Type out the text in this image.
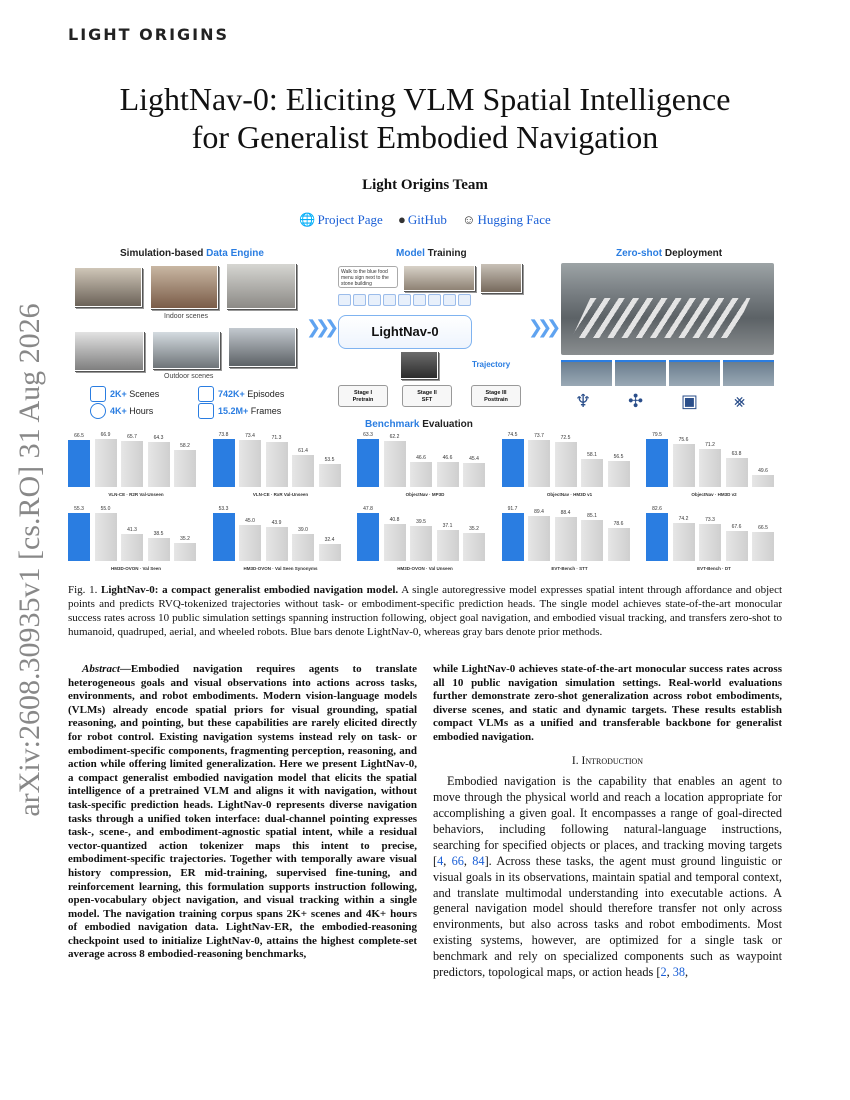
LIGHT ORIGINS
arXiv:2608.30935v1 [cs.RO] 31 Aug 2026
LightNav-0: Eliciting VLM Spatial Intelligence
for Generalist Embodied Navigation
Light Origins Team
🌐 Project Page ● GitHub ☺ Hugging Face
Simulation-based Data Engine
Indoor scenes
Outdoor scenes
2K+ Scenes	742K+ Episodes
4K+ Hours	15.2M+ Frames
❯❯❯
Model Training
Walk to the blue food menu sign next to the stone building
LightNav-0
Trajectory
Stage I
Pretrain
Stage II
SFT
Stage III
Posttrain
❯❯❯
Zero-shot Deployment
♆ ✣ ▣ ⨳
Benchmark Evaluation
66.5	66.9	65.7	64.3
58.2
VLN-CE · R2R Val-Unseen
73.8	73.4	71.3
61.4
53.5
VLN-CE · RxR Val-Unseen
63.3	62.2
46.6	46.6	45.4
ObjectNav · MP3D
74.5	73.7	72.5
58.1	56.5
ObjectNav · HM3D v1
79.5
75.6
71.2
63.8
49.6
ObjectNav · HM3D v2
55.3	55.0
41.3
38.5
35.2
HM3D-OVON · Val Seen
53.3
45.0	43.9
39.0
32.4
HM3D-OVON · Val Seen Synonyms
47.8
40.8	39.5
37.1
35.2
HM3D-OVON · Val Unseen
91.7	89.4	88.4
85.1
78.6
EVT-Bench · STT
82.6
74.2	73.3
67.6	66.5
EVT-Bench · DT
Fig. 1. LightNav-0: a compact generalist embodied navigation model. A single autoregressive model expresses spatial intent through affordance and object points and predicts RVQ-tokenized trajectories without task- or embodiment-specific prediction heads. The single model achieves state-of-the-art monocular success rates across 10 public simulation settings spanning instruction following, object goal navigation, and embodied visual tracking, and transfers zero-shot to humanoid, quadruped, aerial, and wheeled robots. Blue bars denote LightNav-0, whereas gray bars denote prior methods.

Abstract—Embodied navigation requires agents to translate heterogeneous goals and visual observations into actions across tasks, environments, and robot embodiments. Modern vision-language models (VLMs) already encode spatial priors for visual grounding, spatial reasoning, and pointing, but these capabilities are rarely elicited directly for robot control. Existing navigation systems instead rely on task- or embodiment-specific components, fragmenting perception, reasoning, and action while offering limited generalization. Here we present LightNav-0, a compact generalist embodied navigation model that elicits the spatial intelligence of a pretrained VLM and aligns it with navigation, without task-specific prediction heads. LightNav-0 represents diverse navigation tasks through a unified token interface: dual-channel pointing expresses task-, scene-, and embodiment-agnostic spatial intent, while a residual vector-quantized action tokenizer maps this intent to precise, embodiment-specific trajectories. Together with temporally aware visual history compression, ER mid-training, supervised fine-tuning, and reinforcement learning, this formulation supports instruction following, open-vocabulary object navigation, and visual tracking within a single model. The navigation training corpus spans 2K+ scenes and 4K+ hours of embodied navigation data. LightNav-ER, the embodied-reasoning checkpoint used to initialize LightNav-0, attains the highest complete-set average across 8 embodied-reasoning benchmarks,

while LightNav-0 achieves state-of-the-art monocular success rates across all 10 public navigation simulation settings. Real-world evaluations further demonstrate zero-shot generalization across robot embodiments, diverse scenes, and static and dynamic targets. These results establish compact VLMs as a unified and transferable backbone for generalist embodied navigation.

I. Introduction

Embodied navigation is the capability that enables an agent to move through the physical world and reach a location appropriate for accomplishing a given goal. It encompasses a range of goal-directed behaviors, including following natural-language instructions, searching for specified objects or places, and tracking moving targets [4, 66, 84]. Across these tasks, the agent must ground linguistic or visual goals in its observations, maintain spatial and temporal context, and translate multimodal understanding into executable actions. A general navigation model should therefore transfer not only across environments, but also across tasks and robot embodiments. Most existing systems, however, are optimized for a single task or benchmark and rely on specialized components such as waypoint predictors, topological maps, or action heads [2, 38,
